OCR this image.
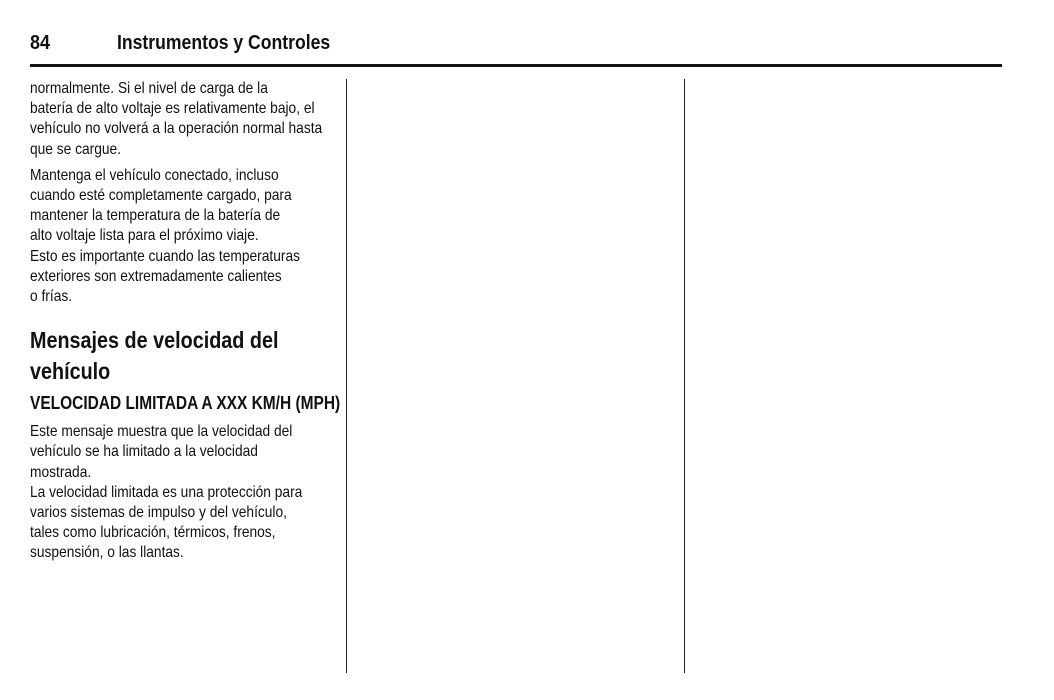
84	Instrumentos y Controles

normalmente. Si el nivel de carga de la
batería de alto voltaje es relativamente bajo, el
vehículo no volverá a la operación normal hasta
que se cargue.

Mantenga el vehículo conectado, incluso
cuando esté completamente cargado, para
mantener la temperatura de la batería de
alto voltaje lista para el próximo viaje.
Esto es importante cuando las temperaturas
exteriores son extremadamente calientes
o frías.

Mensajes de velocidad del
vehículo
VELOCIDAD LIMITADA A XXX KM/H (MPH)

Este mensaje muestra que la velocidad del
vehículo se ha limitado a la velocidad mostrada.
La velocidad limitada es una protección para
varios sistemas de impulso y del vehículo,
tales como lubricación, térmicos, frenos,
suspensión, o las llantas.
